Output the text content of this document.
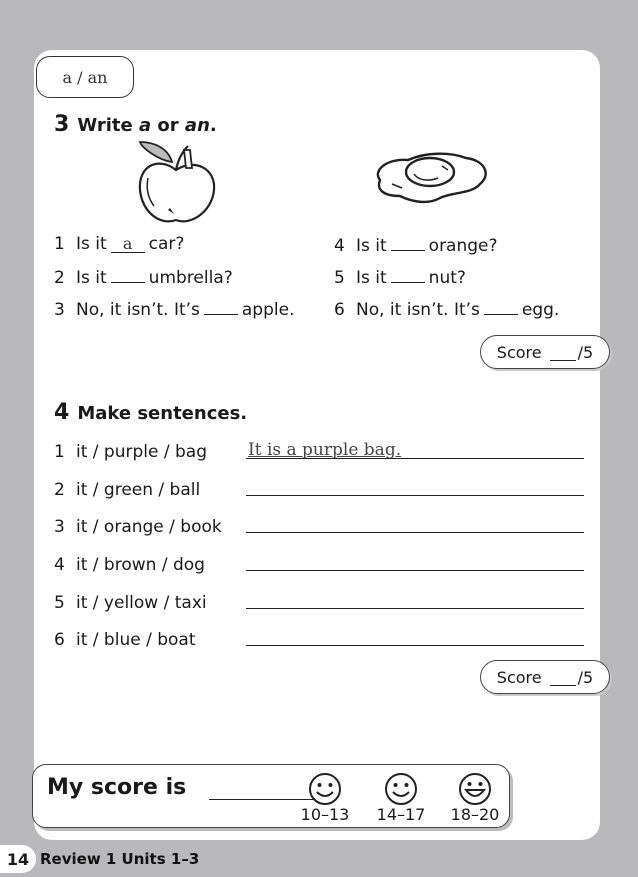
a / an
3 Write a or an.
1 Is it a car?
2 Is it umbrella?
3 No, it isn’t. It’s apple.
4 Is it orange?
5 Is it nut?
6 No, it isn’t. It’s egg.
Score /5
4 Make sentences.
1 it / purple / bag It is a purple bag.
2 it / green / ball
3 it / orange / book
4 it / brown / dog
5 it / yellow / taxi
6 it / blue / boat
Score /5
My score is
10–13	14–17	18–20
14 Review 1 Units 1–3
